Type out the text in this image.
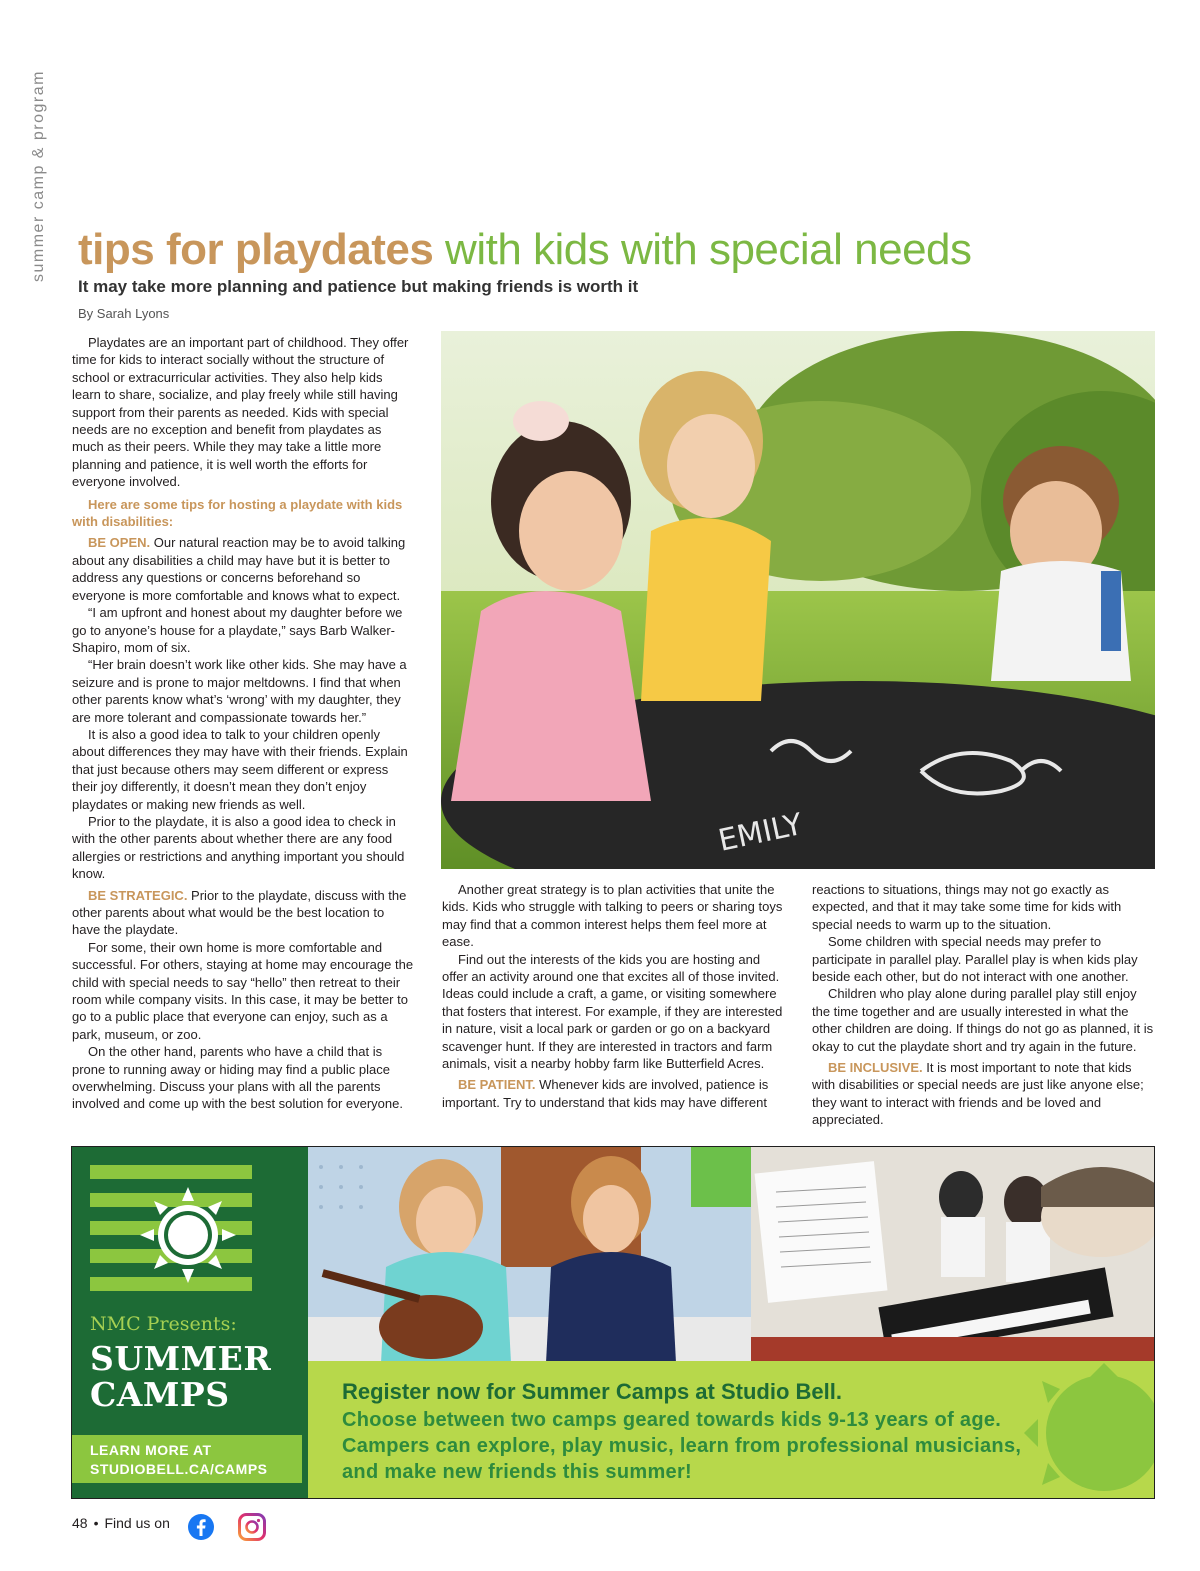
summer camp & program tips for playdates with kids with special needs
It may take more planning and patience but making friends is worth it
By Sarah Lyons

Playdates are an important part of childhood. They offer time for kids to interact socially without the structure of school or extracurricular activities. They also help kids learn to share, socialize, and play freely while still having support from their parents as needed. Kids with special needs are no exception and benefit from playdates as much as their peers. While they may take a little more planning and patience, it is well worth the efforts for everyone involved.

Here are some tips for hosting a playdate with kids with disabilities:

BE OPEN. Our natural reaction may be to avoid talking about any disabilities a child may have but it is better to address any questions or concerns beforehand so everyone is more comfortable and knows what to expect.

“I am upfront and honest about my daughter before we go to anyone’s house for a playdate,” says Barb Walker-Shapiro, mom of six.

“Her brain doesn’t work like other kids. She may have a seizure and is prone to major meltdowns. I find that when other parents know what’s ‘wrong’ with my daughter, they are more tolerant and compassionate towards her.”

It is also a good idea to talk to your children openly about differences they may have with their friends. Explain that just because others may seem different or express their joy differently, it doesn’t mean they don’t enjoy playdates or making new friends as well.

Prior to the playdate, it is also a good idea to check in with the other parents about whether there are any food allergies or restrictions and anything important you should know.

BE STRATEGIC. Prior to the playdate, discuss with the other parents about what would be the best location to have the playdate.

For some, their own home is more comfortable and successful. For others, staying at home may encourage the child with special needs to say “hello” then retreat to their room while company visits. In this case, it may be better to go to a public place that everyone can enjoy, such as a park, museum, or zoo.

On the other hand, parents who have a child that is prone to running away or hiding may find a public place overwhelming. Discuss your plans with all the parents involved and come up with the best solution for everyone.

EMILY

Another great strategy is to plan activities that unite the kids. Kids who struggle with talking to peers or sharing toys may find that a common interest helps them feel more at ease.

Find out the interests of the kids you are hosting and offer an activity around one that excites all of those invited. Ideas could include a craft, a game, or visiting somewhere that fosters that interest. For example, if they are interested in nature, visit a local park or garden or go on a backyard scavenger hunt. If they are interested in tractors and farm animals, visit a nearby hobby farm like Butterfield Acres.

BE PATIENT. Whenever kids are involved, patience is important. Try to understand that kids may have different

reactions to situations, things may not go exactly as expected, and that it may take some time for kids with special needs to warm up to the situation.

Some children with special needs may prefer to participate in parallel play. Parallel play is when kids play beside each other, but do not interact with one another.

Children who play alone during parallel play still enjoy the time together and are usually interested in what the other children are doing. If things do not go as planned, it is okay to cut the playdate short and try again in the future.

BE INCLUSIVE. It is most important to note that kids with disabilities or special needs are just like anyone else; they want to interact with friends and be loved and appreciated.

NMC Presents:
SUMMER
CAMPS
LEARN MORE AT
STUDIOBELL.CA/CAMPS
Register now for Summer Camps at Studio Bell.
Choose between two camps geared towards kids 9-13 years of age. Campers can explore, play music, learn from professional musicians, and make new friends this summer!
48 • Find us on
